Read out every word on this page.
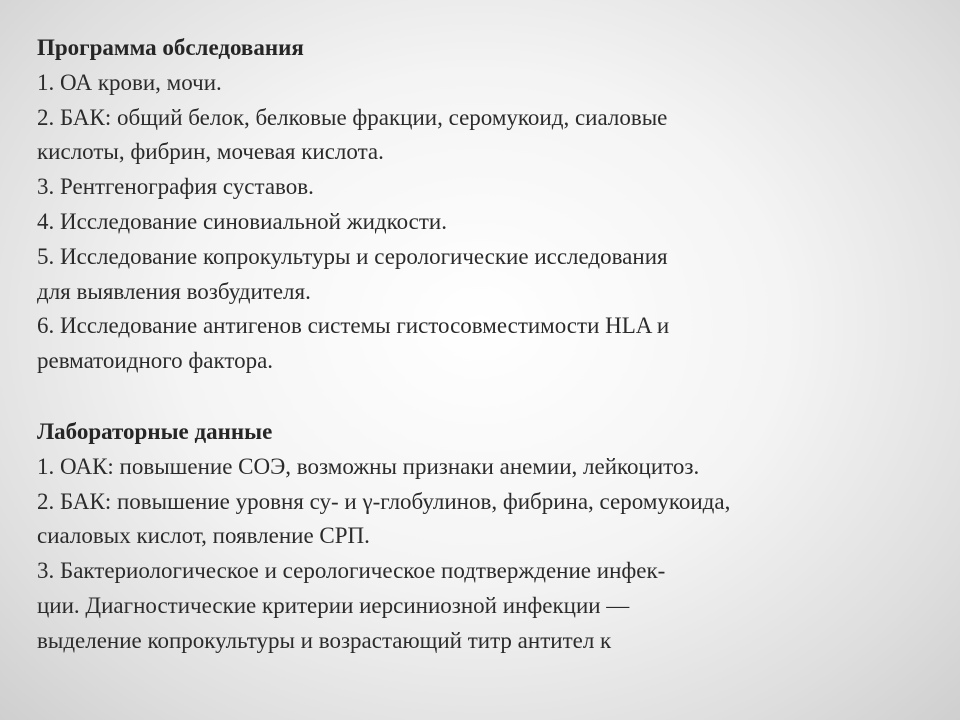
Программа обследования
1. ОА крови, мочи.
2. БАК: общий белок, белковые фракции, серомукоид, сиаловые
кислоты, фибрин, мочевая кислота.
3. Рентгенография суставов.
4. Исследование синовиальной жидкости.
5. Исследование копрокультуры и серологические исследования
для выявления возбудителя.
6. Исследование антигенов системы гистосовместимости HLA и
ревматоидного фактора.
Лабораторные данные
1. ОАК: повышение СОЭ, возможны признаки анемии, лейкоцитоз.
2. БАК: повышение уровня су- и γ-глобулинов, фибрина, серомукоида,
сиаловых кислот, появление СРП.
3. Бактериологическое и серологическое подтверждение инфек-
ции. Диагностические критерии иерсиниозной инфекции —
выделение копрокультуры и возрастающий титр антител к
